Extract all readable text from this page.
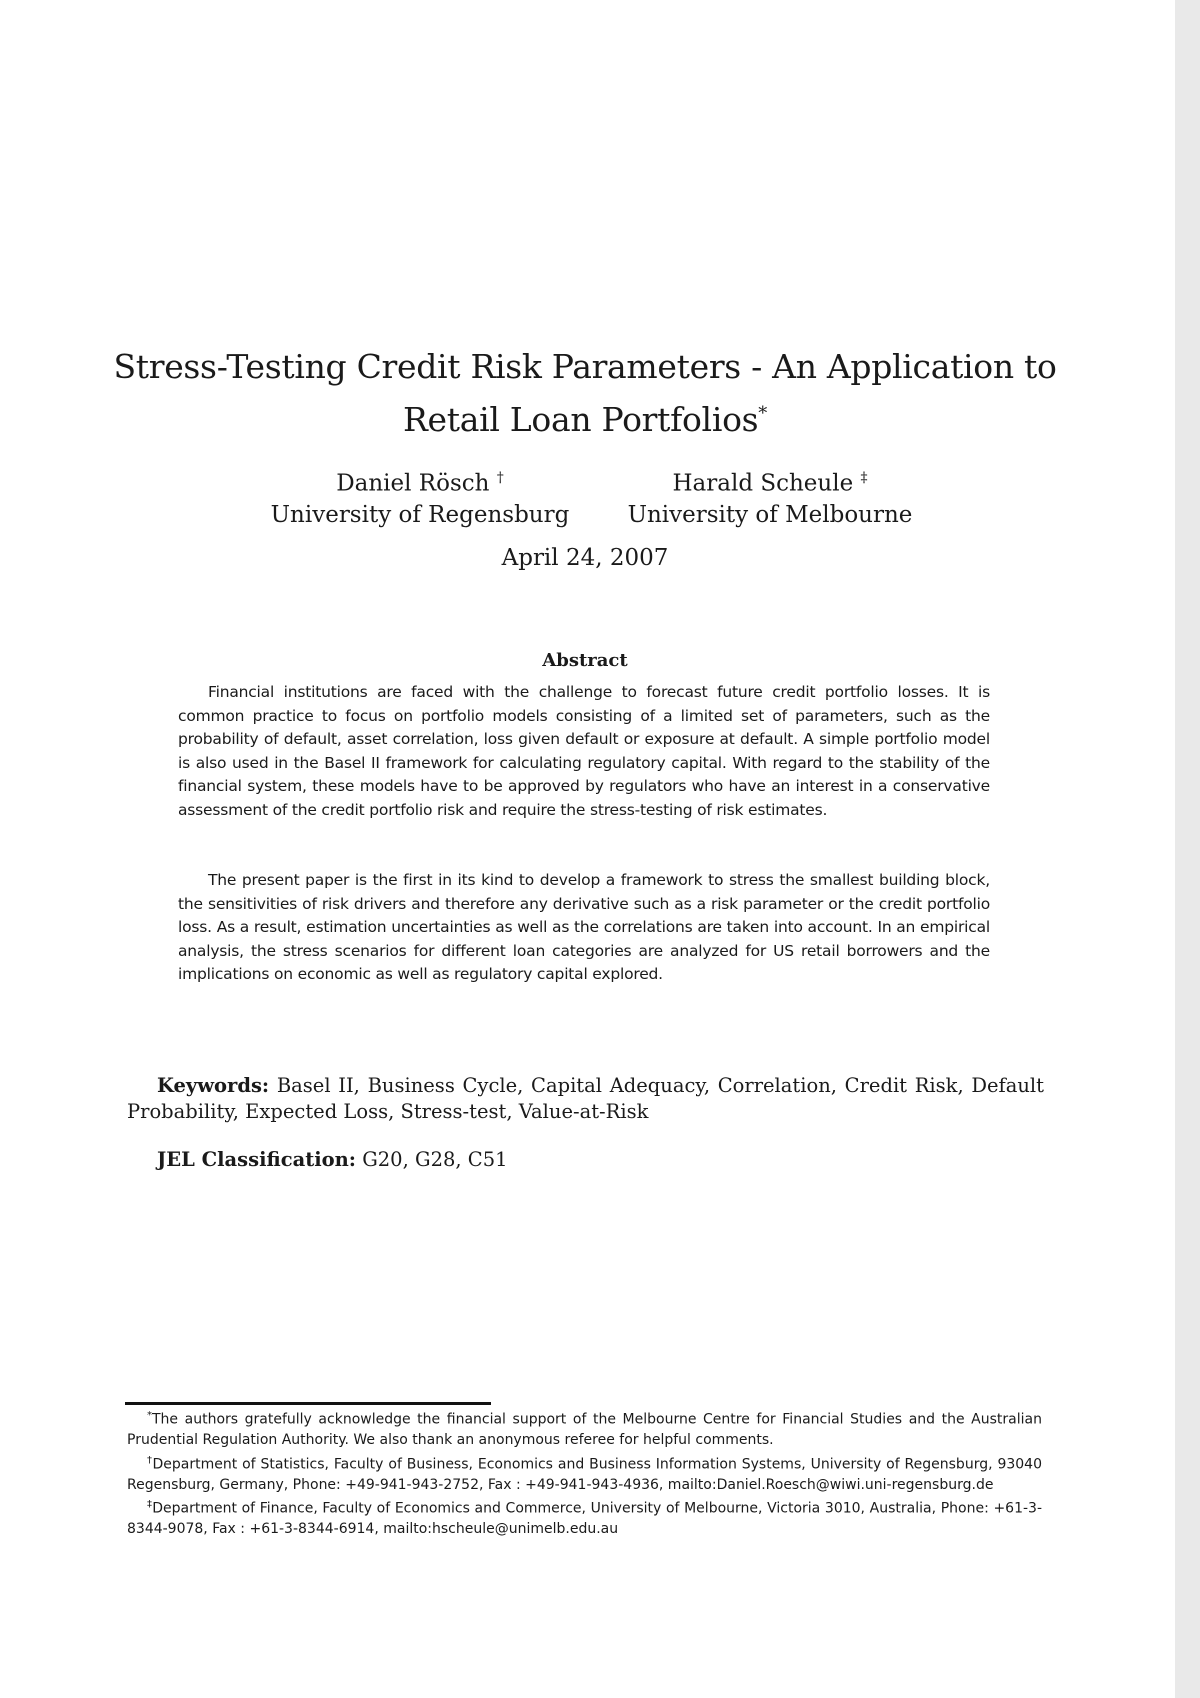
Stress-Testing Credit Risk Parameters - An Application to Retail Loan Portfolios*
Daniel Rösch †
University of Regensburg
Harald Scheule ‡
University of Melbourne

April 24, 2007

Abstract

Financial institutions are faced with the challenge to forecast future credit portfolio losses. It is common practice to focus on portfolio models consisting of a limited set of parameters, such as the probability of default, asset correlation, loss given default or exposure at default. A simple portfolio model is also used in the Basel II framework for calculating regulatory capital. With regard to the stability of the financial system, these models have to be approved by regulators who have an interest in a conservative assessment of the credit portfolio risk and require the stress-testing of risk estimates.

The present paper is the first in its kind to develop a framework to stress the smallest building block, the sensitivities of risk drivers and therefore any derivative such as a risk parameter or the credit portfolio loss. As a result, estimation uncertainties as well as the correlations are taken into account. In an empirical analysis, the stress scenarios for different loan categories are analyzed for US retail borrowers and the implications on economic as well as regulatory capital explored.

Keywords: Basel II, Business Cycle, Capital Adequacy, Correlation, Credit Risk, Default Probability, Expected Loss, Stress-test, Value-at-Risk

JEL Classification: G20, G28, C51

*The authors gratefully acknowledge the financial support of the Melbourne Centre for Financial Studies and the Australian Prudential Regulation Authority. We also thank an anonymous referee for helpful comments.

†Department of Statistics, Faculty of Business, Economics and Business Information Systems, University of Regensburg, 93040 Regensburg, Germany, Phone: +49-941-943-2752, Fax : +49-941-943-4936, mailto:Daniel.Roesch@wiwi.uni-regensburg.de

‡Department of Finance, Faculty of Economics and Commerce, University of Melbourne, Victoria 3010, Australia, Phone: +61-3-8344-9078, Fax : +61-3-8344-6914, mailto:hscheule@unimelb.edu.au
